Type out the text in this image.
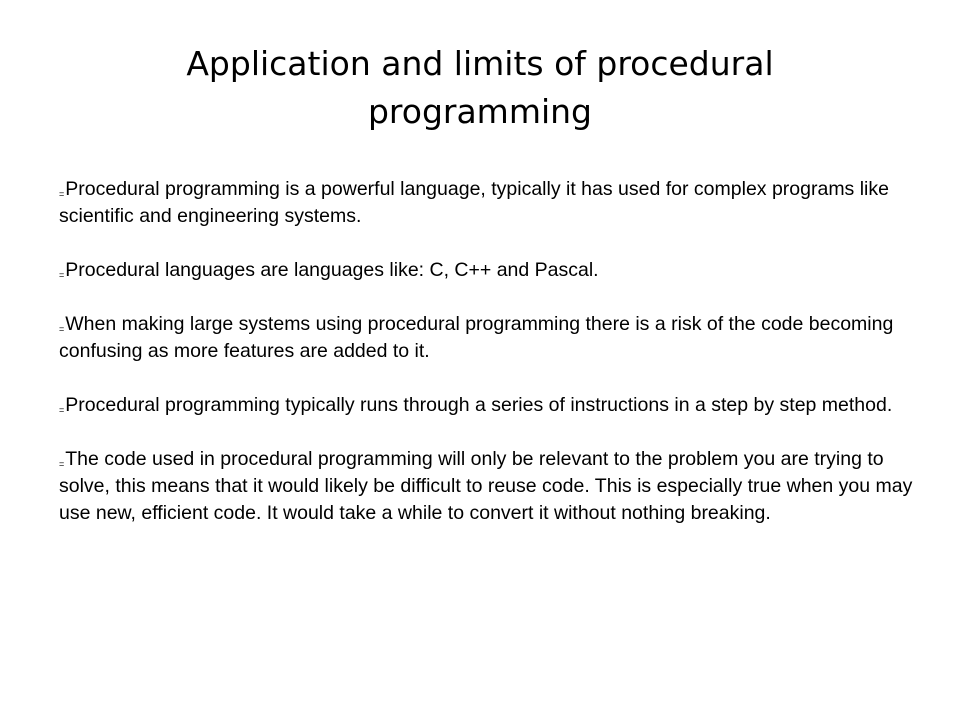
Application and limits of procedural programming
=Procedural programming is a powerful language, typically it has used for complex programs like scientific and engineering systems.
=Procedural languages are languages like: C, C++ and Pascal.
=When making large systems using procedural programming there is a risk of the code becoming confusing as more features are added to it.
=Procedural programming typically runs through a series of instructions in a step by step method.
=The code used in procedural programming will only be relevant to the problem you are trying to solve, this means that it would likely be difficult to reuse code. This is especially true when you may use new, efficient code. It would take a while to convert it without nothing breaking.
